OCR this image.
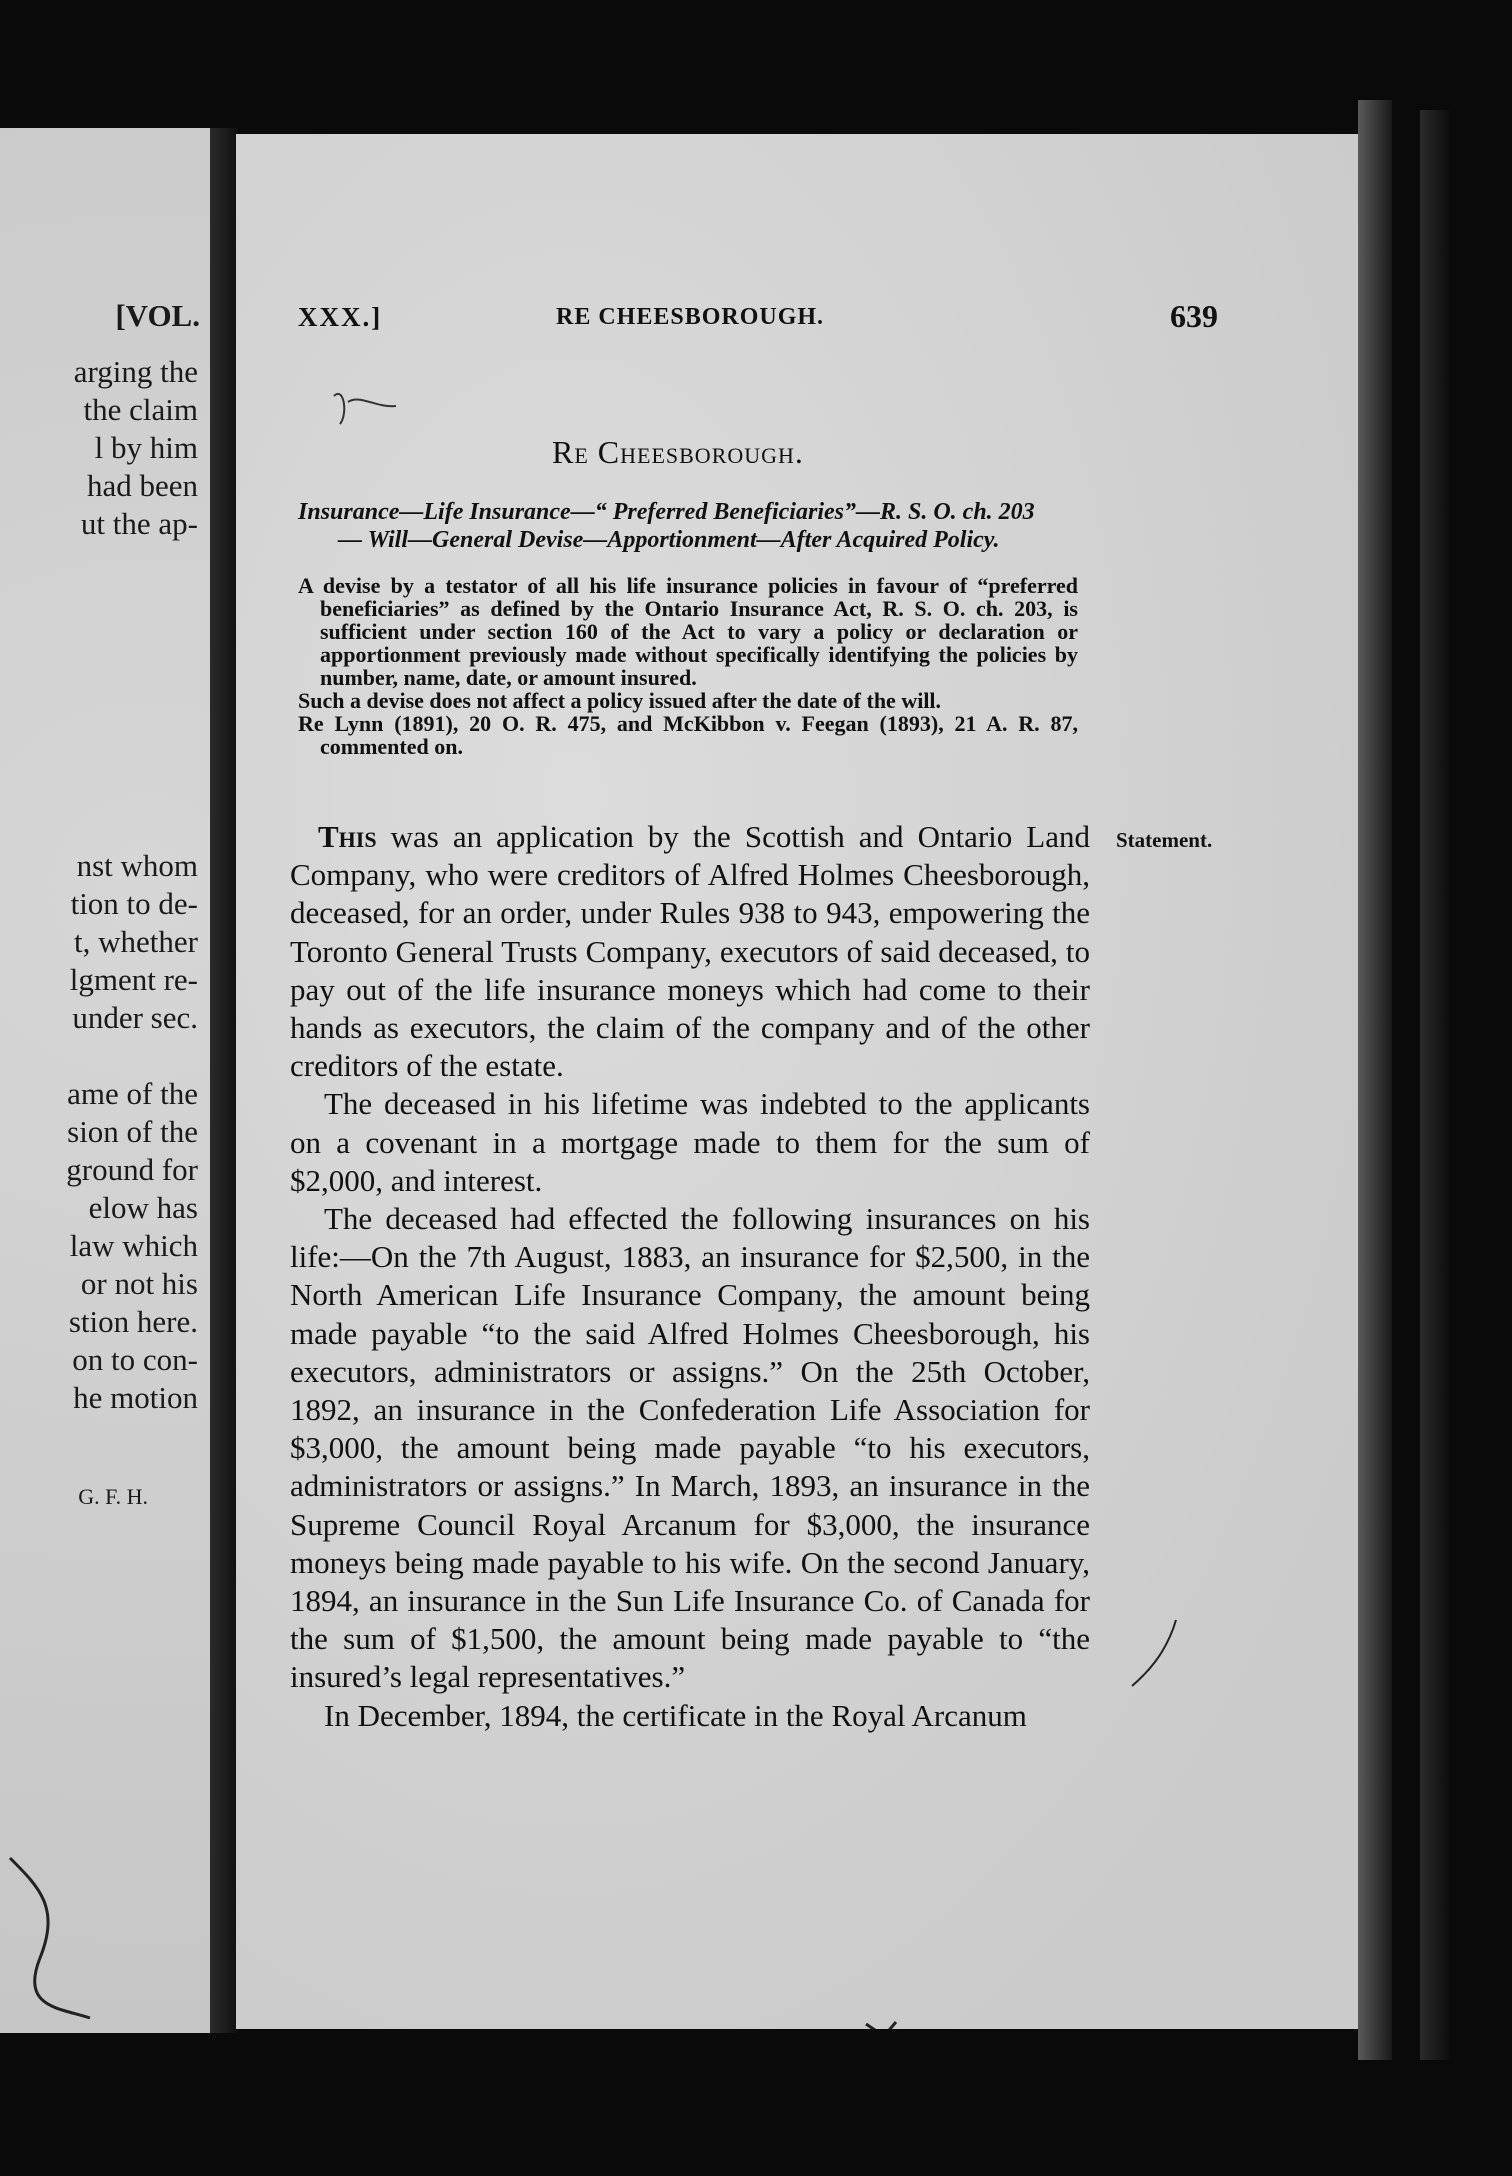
[VOL.
arging the
the claim
l by him
had been
ut the ap-
nst whom
tion to de-
t, whether
lgment re-
under sec.
ame of the
sion of the
ground for
elow has
law which
or not his
stion here.
on to con-
he motion
G. F. H.
XXX.]	RE CHEESBOROUGH.	639
Re Cheesborough.
Insurance—Life Insurance—“ Preferred Beneficiaries”—R. S. O. ch. 203
— Will—General Devise—Apportionment—After Acquired Policy.
A devise by a testator of all his life insurance policies in favour of “preferred beneficiaries” as defined by the Ontario Insurance Act, R. S. O. ch. 203, is sufficient under section 160 of the Act to vary a policy or declaration or apportionment previously made without specifically identifying the policies by number, name, date, or amount insured.
Such a devise does not affect a policy issued after the date of the will.
Re Lynn (1891), 20 O. R. 475, and McKibbon v. Feegan (1893), 21 A. R. 87, commented on.
Statement.

This was an application by the Scottish and Ontario Land Company, who were creditors of Alfred Holmes Cheesborough, deceased, for an order, under Rules 938 to 943, empowering the Toronto General Trusts Company, executors of said deceased, to pay out of the life insurance moneys which had come to their hands as executors, the claim of the company and of the other creditors of the estate.

The deceased in his lifetime was indebted to the applicants on a covenant in a mortgage made to them for the sum of $2,000, and interest.

The deceased had effected the following insurances on his life:—On the 7th August, 1883, an insurance for $2,500, in the North American Life Insurance Company, the amount being made payable “to the said Alfred Holmes Cheesborough, his executors, administrators or assigns.” On the 25th October, 1892, an insurance in the Confederation Life Association for $3,000, the amount being made payable “to his executors, administrators or assigns.” In March, 1893, an insurance in the Supreme Council Royal Arcanum for $3,000, the insurance moneys being made payable to his wife. On the second January, 1894, an insurance in the Sun Life Insurance Co. of Canada for the sum of $1,500, the amount being made payable to “the insured’s legal representatives.”

In December, 1894, the certificate in the Royal Arcanum
